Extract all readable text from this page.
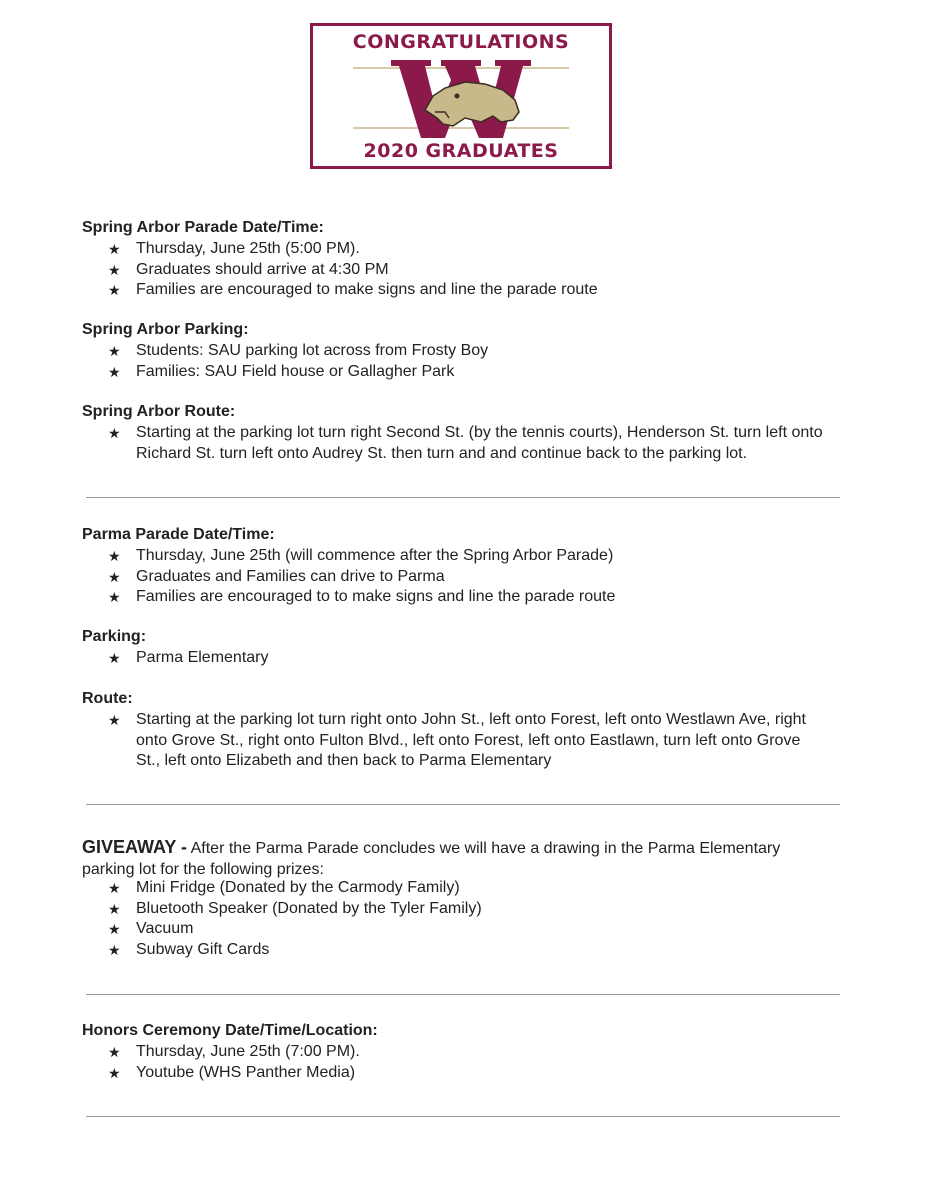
CONGRATULATIONS
2020 GRADUATES
Spring Arbor Parade Date/Time:
★ Thursday, June 25th (5:00 PM).
★ Graduates should arrive at 4:30 PM
★ Families are encouraged to make signs and line the parade route
Spring Arbor Parking:
★ Students: SAU parking lot across from Frosty Boy
★ Families: SAU Field house or Gallagher Park
Spring Arbor Route:
★ Starting at the parking lot turn right Second St. (by the tennis courts), Henderson St. turn left onto Richard St. turn left onto Audrey St. then turn and and continue back to the parking lot.
Parma Parade Date/Time:
★ Thursday, June 25th (will commence after the Spring Arbor Parade)
★ Graduates and Families can drive to Parma
★ Families are encouraged to to make signs and line the parade route
Parking:
★ Parma Elementary
Route:
★ Starting at the parking lot turn right onto John St., left onto Forest, left onto Westlawn Ave, right onto Grove St., right onto Fulton Blvd., left onto Forest, left onto Eastlawn, turn left onto Grove St., left onto Elizabeth and then back to Parma Elementary
GIVEAWAY - After the Parma Parade concludes we will have a drawing in the Parma Elementary parking lot for the following prizes:
★ Mini Fridge (Donated by the Carmody Family)
★ Bluetooth Speaker (Donated by the Tyler Family)
★ Vacuum
★ Subway Gift Cards
Honors Ceremony Date/Time/Location:
★ Thursday, June 25th (7:00 PM).
★ Youtube (WHS Panther Media)
